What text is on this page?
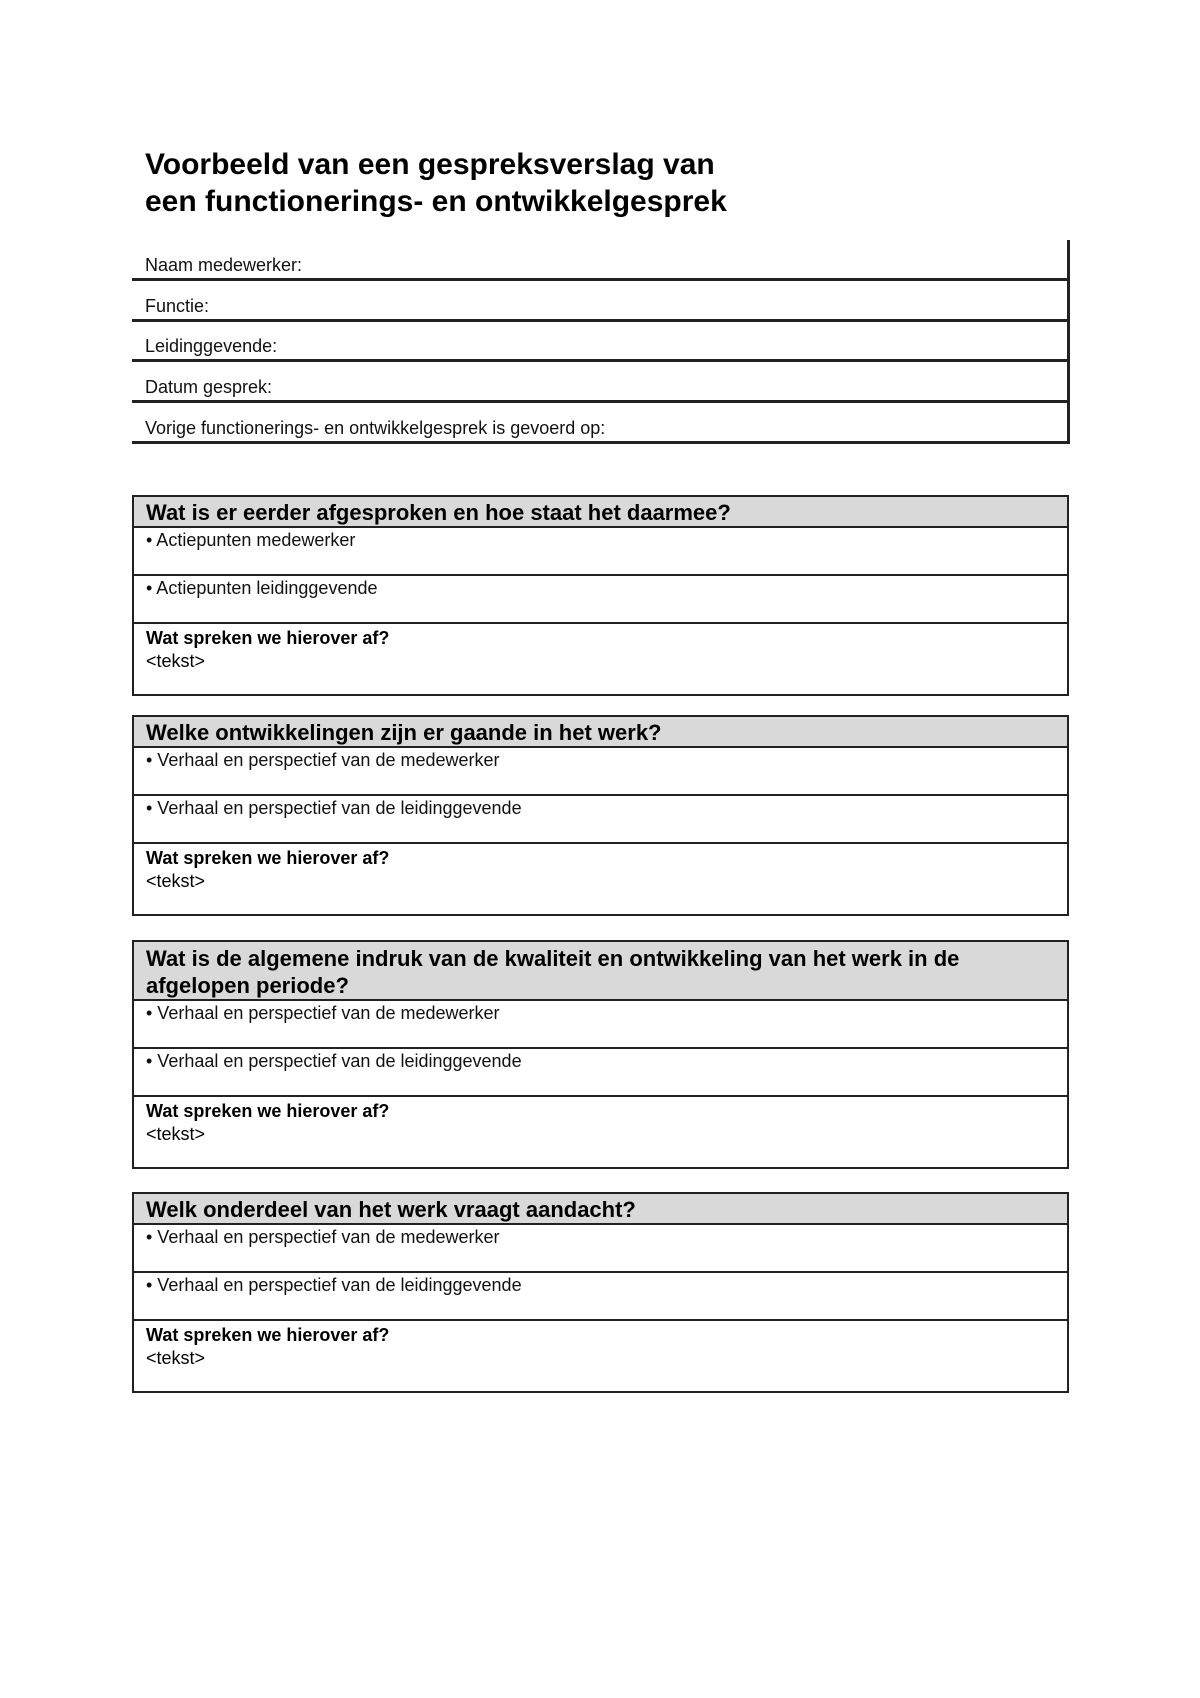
Voorbeeld van een gespreksverslag van
een functionerings- en ontwikkelgesprek
Naam medewerker:
Functie:
Leidinggevende:
Datum gesprek:
Vorige functionerings- en ontwikkelgesprek is gevoerd op:
Wat is er eerder afgesproken en hoe staat het daarmee?
• Actiepunten medewerker
• Actiepunten leidinggevende
Wat spreken we hierover af?
<tekst>
Welke ontwikkelingen zijn er gaande in het werk?
• Verhaal en perspectief van de medewerker
• Verhaal en perspectief van de leidinggevende
Wat spreken we hierover af?
<tekst>
Wat is de algemene indruk van de kwaliteit en ontwikkeling van het werk in de afgelopen periode?
• Verhaal en perspectief van de medewerker
• Verhaal en perspectief van de leidinggevende
Wat spreken we hierover af?
<tekst>
Welk onderdeel van het werk vraagt aandacht?
• Verhaal en perspectief van de medewerker
• Verhaal en perspectief van de leidinggevende
Wat spreken we hierover af?
<tekst>
